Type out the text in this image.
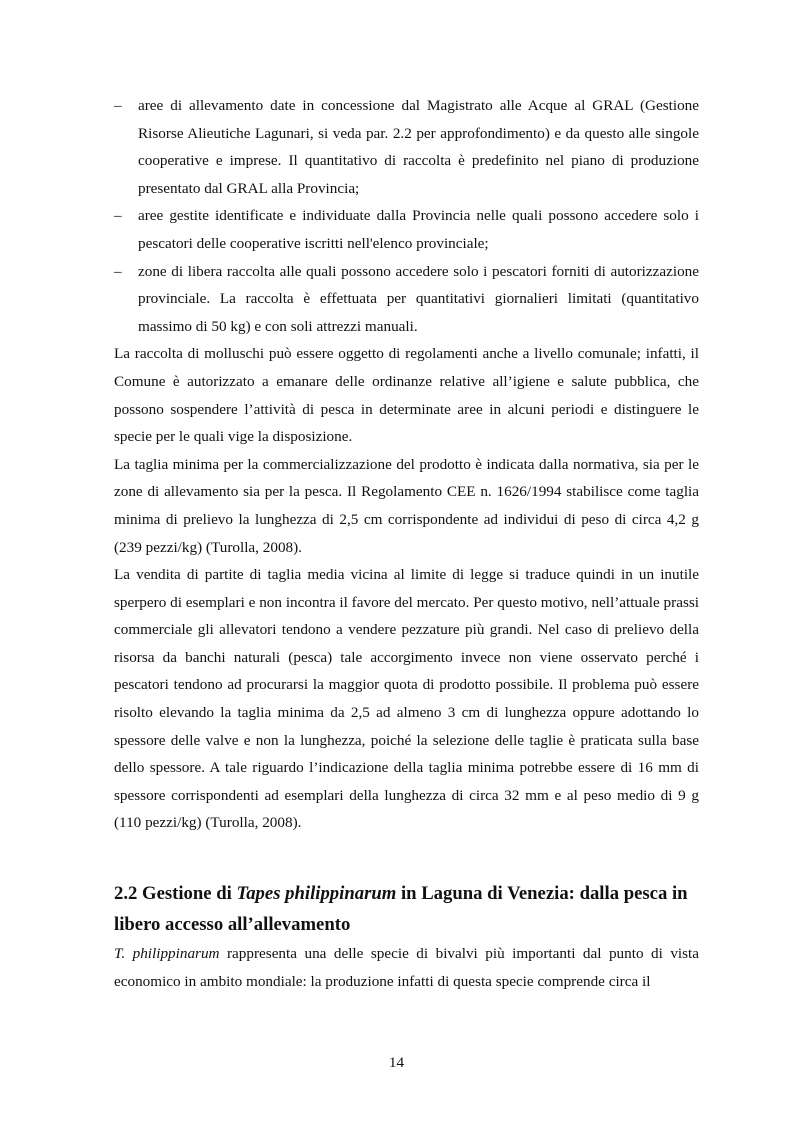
– aree di allevamento date in concessione dal Magistrato alle Acque al GRAL (Gestione Risorse Alieutiche Lagunari, si veda par. 2.2 per approfondimento) e da questo alle singole cooperative e imprese. Il quantitativo di raccolta è predefinito nel piano di produzione presentato dal GRAL alla Provincia;
– aree gestite identificate e individuate dalla Provincia nelle quali possono accedere solo i pescatori delle cooperative iscritti nell'elenco provinciale;
– zone di libera raccolta alle quali possono accedere solo i pescatori forniti di autorizzazione provinciale. La raccolta è effettuata per quantitativi giornalieri limitati (quantitativo massimo di 50 kg) e con soli attrezzi manuali.

La raccolta di molluschi può essere oggetto di regolamenti anche a livello comunale; infatti, il Comune è autorizzato a emanare delle ordinanze relative all’igiene e salute pubblica, che possono sospendere l’attività di pesca in determinate aree in alcuni periodi e distinguere le specie per le quali vige la disposizione.

La taglia minima per la commercializzazione del prodotto è indicata dalla normativa, sia per le zone di allevamento sia per la pesca. Il Regolamento CEE n. 1626/1994 stabilisce come taglia minima di prelievo la lunghezza di 2,5 cm corrispondente ad individui di peso di circa 4,2 g (239 pezzi/kg) (Turolla, 2008).

La vendita di partite di taglia media vicina al limite di legge si traduce quindi in un inutile sperpero di esemplari e non incontra il favore del mercato. Per questo motivo, nell’attuale prassi commerciale gli allevatori tendono a vendere pezzature più grandi. Nel caso di prelievo della risorsa da banchi naturali (pesca) tale accorgimento invece non viene osservato perché i pescatori tendono ad procurarsi la maggior quota di prodotto possibile. Il problema può essere risolto elevando la taglia minima da 2,5 ad almeno 3 cm di lunghezza oppure adottando lo spessore delle valve e non la lunghezza, poiché la selezione delle taglie è praticata sulla base dello spessore. A tale riguardo l’indicazione della taglia minima potrebbe essere di 16 mm di spessore corrispondenti ad esemplari della lunghezza di circa 32 mm e al peso medio di 9 g (110 pezzi/kg) (Turolla, 2008).

2.2 Gestione di Tapes philippinarum in Laguna di Venezia: dalla pesca in libero accesso all’allevamento

T. philippinarum rappresenta una delle specie di bivalvi più importanti dal punto di vista economico in ambito mondiale: la produzione infatti di questa specie comprende circa il

14
